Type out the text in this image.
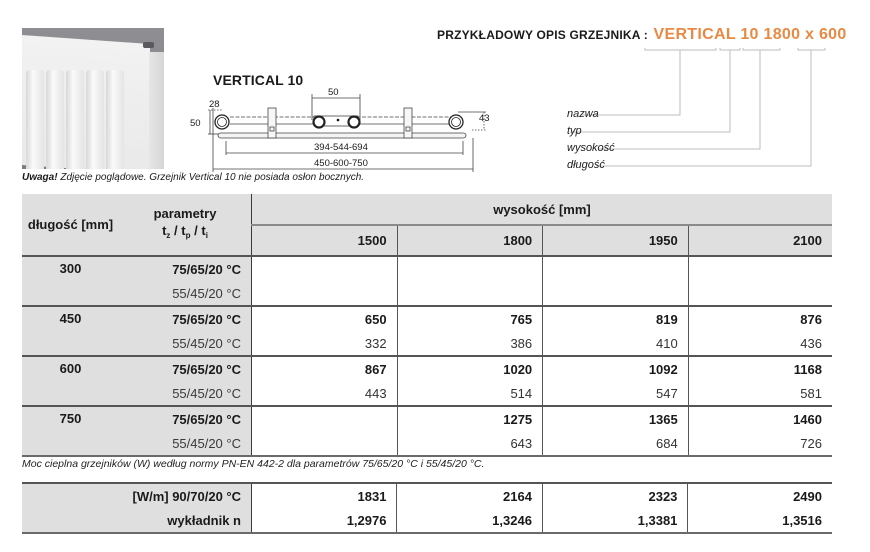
VERTICAL 10
50
28
50	43
394-544-694
450-600-750
PRZYKŁADOWY OPIS GRZEJNIKA : VERTICAL 10 1800 x 600
nazwa
typ
wysokość
długość
Uwaga! Zdjęcie poglądowe. Grzejnik Vertical 10 nie posiada osłon bocznych.
długość [mm]	parametry
$t_z / t_p / t_i$	wysokość [mm]			
		1500	1800	1950	2100
300	75/65/20 °C				
	55/45/20 °C				
450	75/65/20 °C	650	765	819	876
	55/45/20 °C	332	386	410	436
600	75/65/20 °C	867	1020	1092	1168
	55/45/20 °C	443	514	547	581
750	75/65/20 °C		1275	1365	1460
	55/45/20 °C		643	684	726
Moc cieplna grzejników (W) według normy PN-EN 442-2 dla parametrów 75/65/20 °C i 55/45/20 °C.
[W/m] 90/70/20 °C	1831	2164	2323	2490
wykładnik n	1,2976	1,3246	1,3381	1,3516
